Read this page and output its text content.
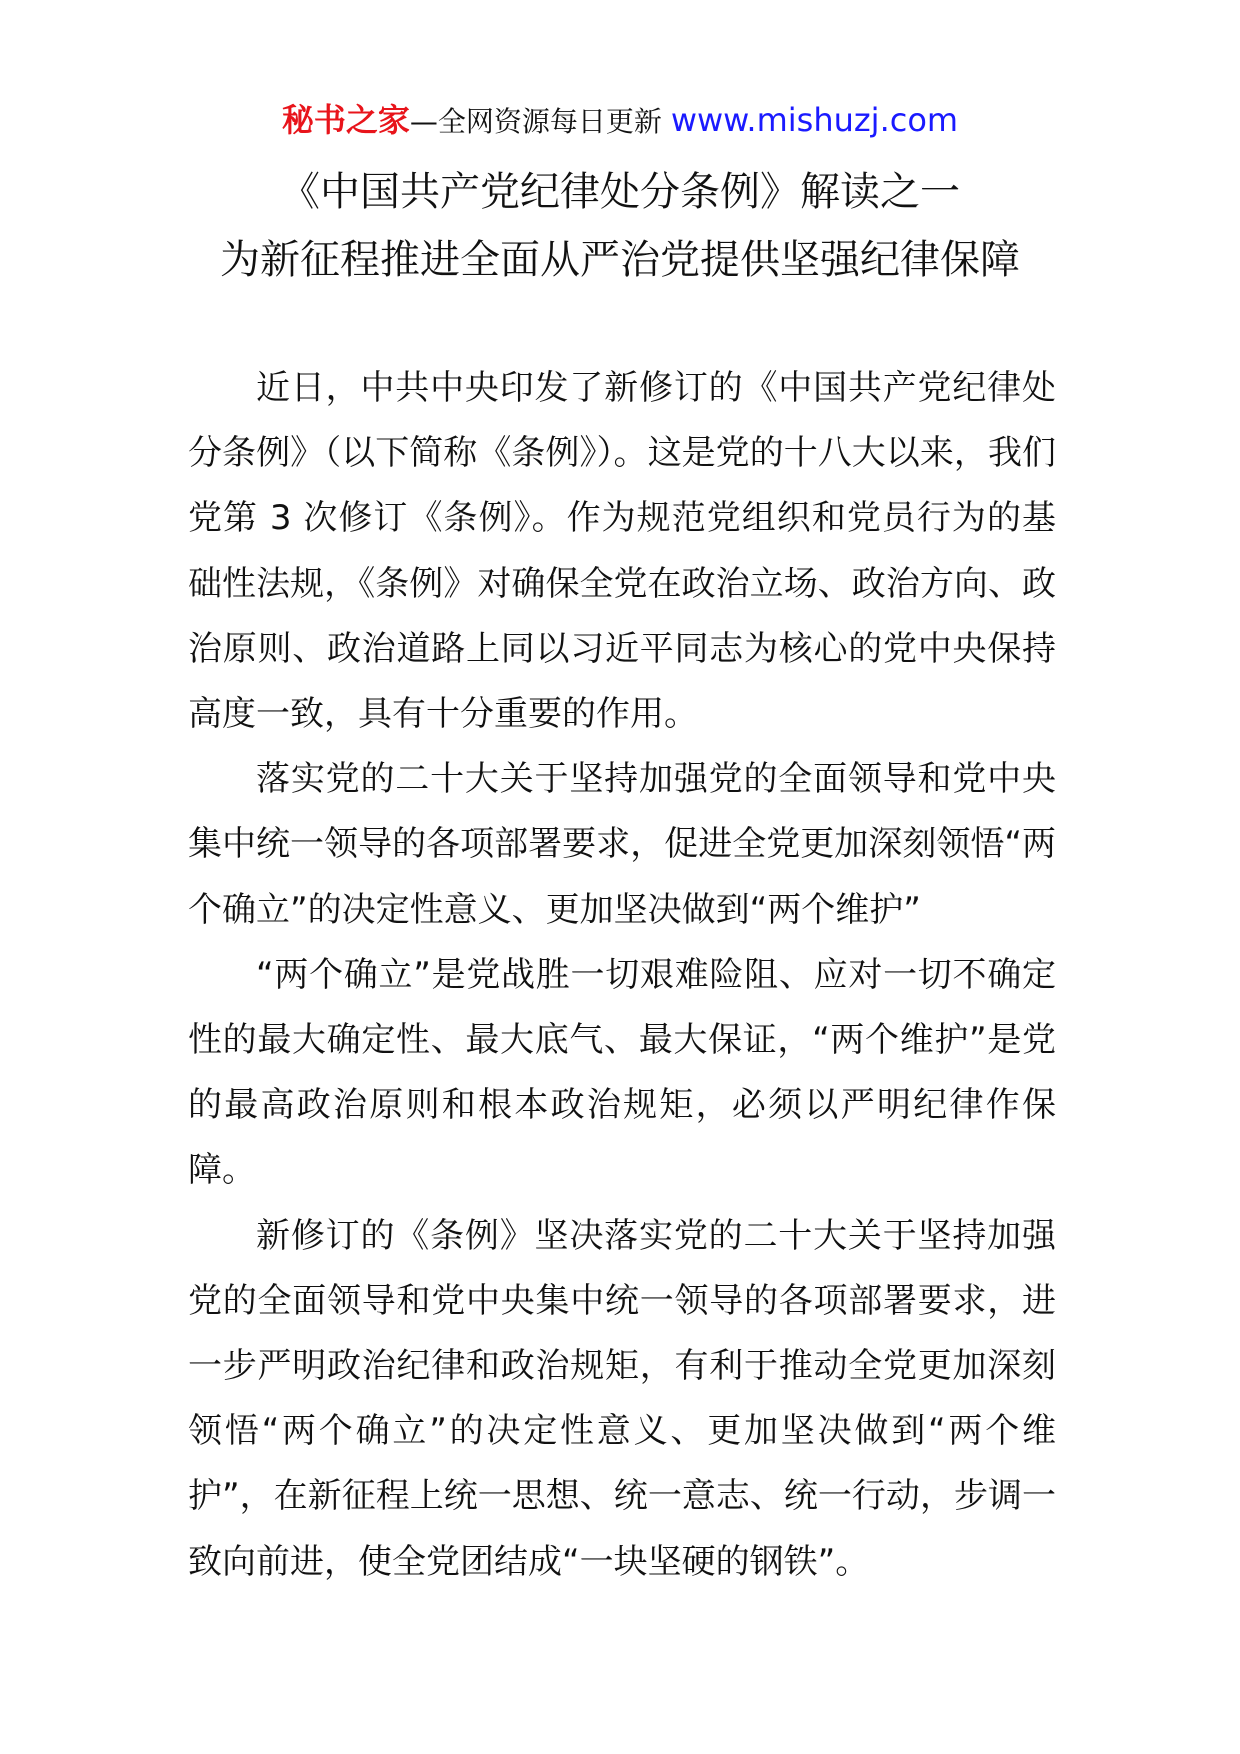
秘书之家—全网资源每日更新 www.mishuzj.com
《中国共产党纪律处分条例》解读之一
为新征程推进全面从严治党提供坚强纪律保障

近日，中共中央印发了新修订的《中国共产党纪律处分条例》（以下简称《条例》）。这是党的十八大以来，我们党第 3 次修订《条例》。作为规范党组织和党员行为的基础性法规，《条例》对确保全党在政治立场、政治方向、政治原则、政治道路上同以习近平同志为核心的党中央保持高度一致，具有十分重要的作用。

落实党的二十大关于坚持加强党的全面领导和党中央集中统一领导的各项部署要求，促进全党更加深刻领悟“两个确立”的决定性意义、更加坚决做到“两个维护”

“两个确立”是党战胜一切艰难险阻、应对一切不确定性的最大确定性、最大底气、最大保证，“两个维护”是党的最高政治原则和根本政治规矩，必须以严明纪律作保障。

新修订的《条例》坚决落实党的二十大关于坚持加强党的全面领导和党中央集中统一领导的各项部署要求，进一步严明政治纪律和政治规矩，有利于推动全党更加深刻领悟“两个确立”的决定性意义、更加坚决做到“两个维护”，在新征程上统一思想、统一意志、统一行动，步调一致向前进，使全党团结成“一块坚硬的钢铁”。
